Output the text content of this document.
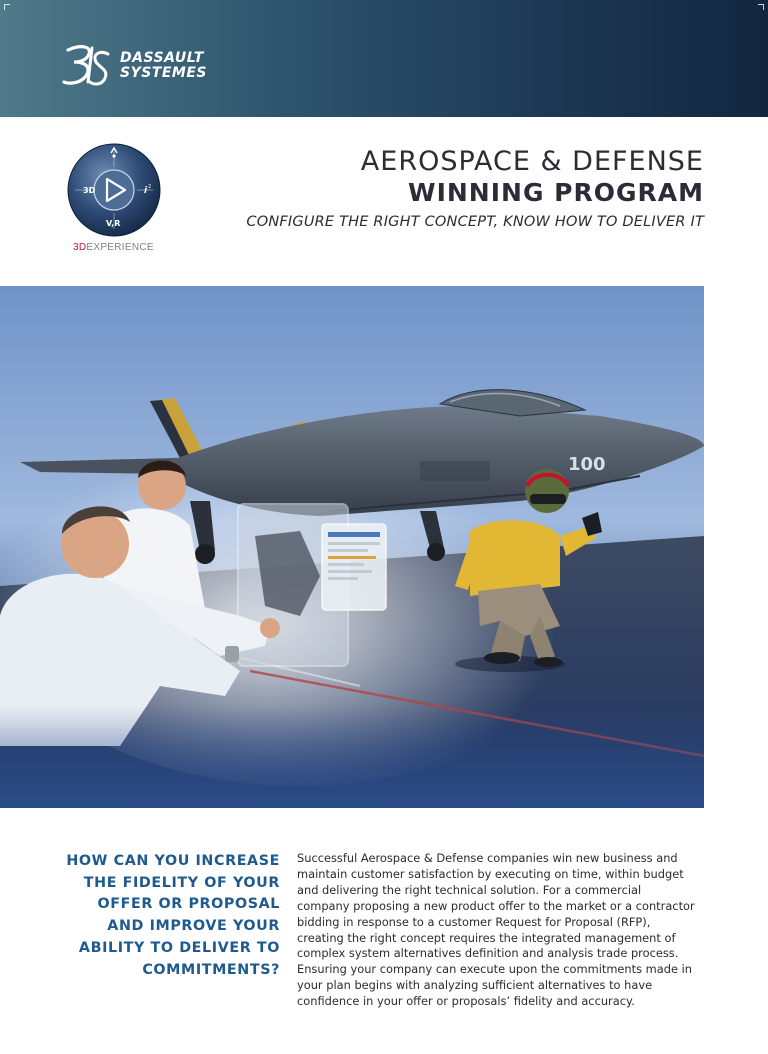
DASSAULT
SYSTEMES
3D	i 2
V,R
3DEXPERIENCE
AEROSPACE & DEFENSE
WINNING PROGRAM
CONFIGURE THE RIGHT CONCEPT, KNOW HOW TO DELIVER IT
100
HOW CAN YOU INCREASE THE FIDELITY OF YOUR OFFER OR PROPOSAL AND IMPROVE YOUR ABILITY TO DELIVER TO COMMITMENTS?
Successful Aerospace & Defense companies win new business and maintain customer satisfaction by executing on time, within budget and delivering the right technical solution. For a commercial company proposing a new product offer to the market or a contractor bidding in response to a customer Request for Proposal (RFP), creating the right concept requires the integrated management of complex system alternatives definition and analysis trade process. Ensuring your company can execute upon the commitments made in your plan begins with analyzing sufficient alternatives to have confidence in your offer or proposals’ fidelity and accuracy.
